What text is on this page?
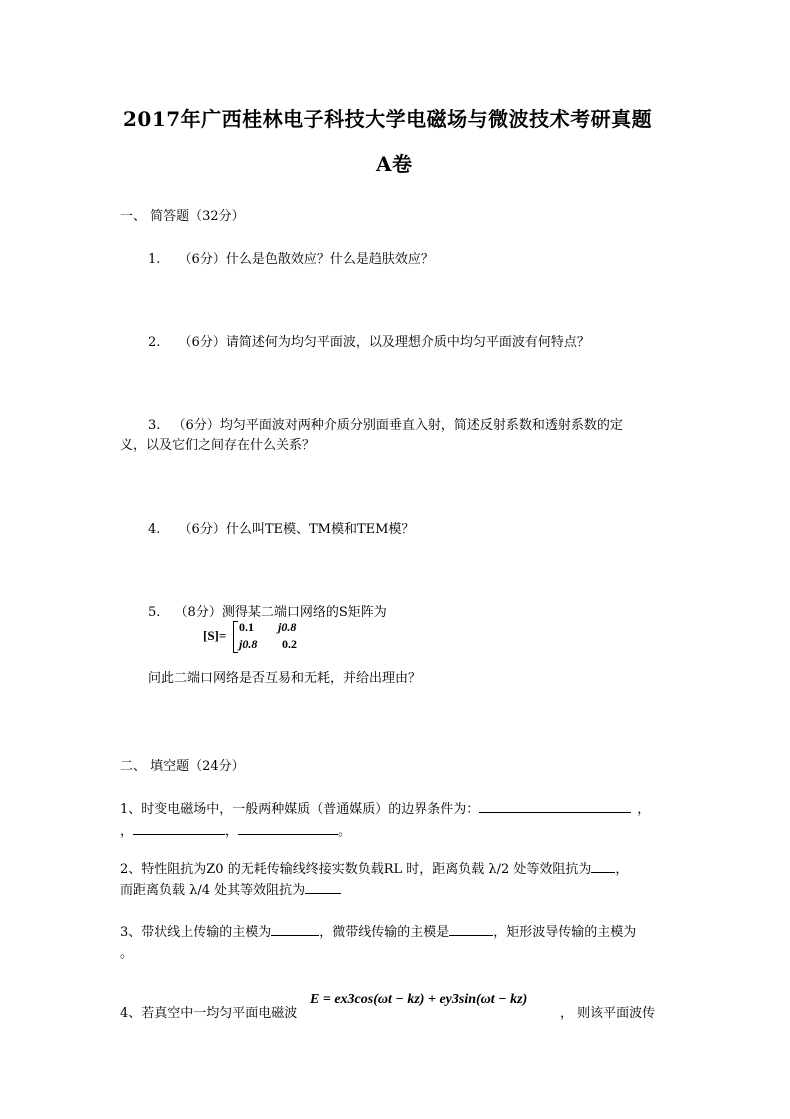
2017年广西桂林电子科技大学电磁场与微波技术考研真题
A卷
一、 简答题（32分）
1. （6分）什么是色散效应？什么是趋肤效应？
2. （6分）请简述何为均匀平面波，以及理想介质中均匀平面波有何特点？
3. （6分）均匀平面波对两种介质分别面垂直入射，简述反射系数和透射系数的定
义，以及它们之间存在什么关系？
4. （6分）什么叫TE模、TM模和TEM模？
5. （8分）测得某二端口网络的S矩阵为
[S]=
0.1 j0.8
j0.8 0.2
问此二端口网络是否互易和无耗，并给出理由？
二、 填空题（24分）
1、时变电磁场中，一般两种媒质（普通媒质）的边界条件为：	，
，	，	。
2、特性阻抗为Z0 的无耗传输线终接实数负载RL 时，距离负载 λ/2 处等效阻抗为 ，
而距离负载 λ/4 处其等效阻抗为
3、带状线上传输的主模为	，微带线传输的主模是	，矩形波导传输的主模为
。
4、若真空中一均匀平面电磁波
E = ex3cos(ωt − kz) + ey3sin(ωt − kz)
， 则该平面波传
